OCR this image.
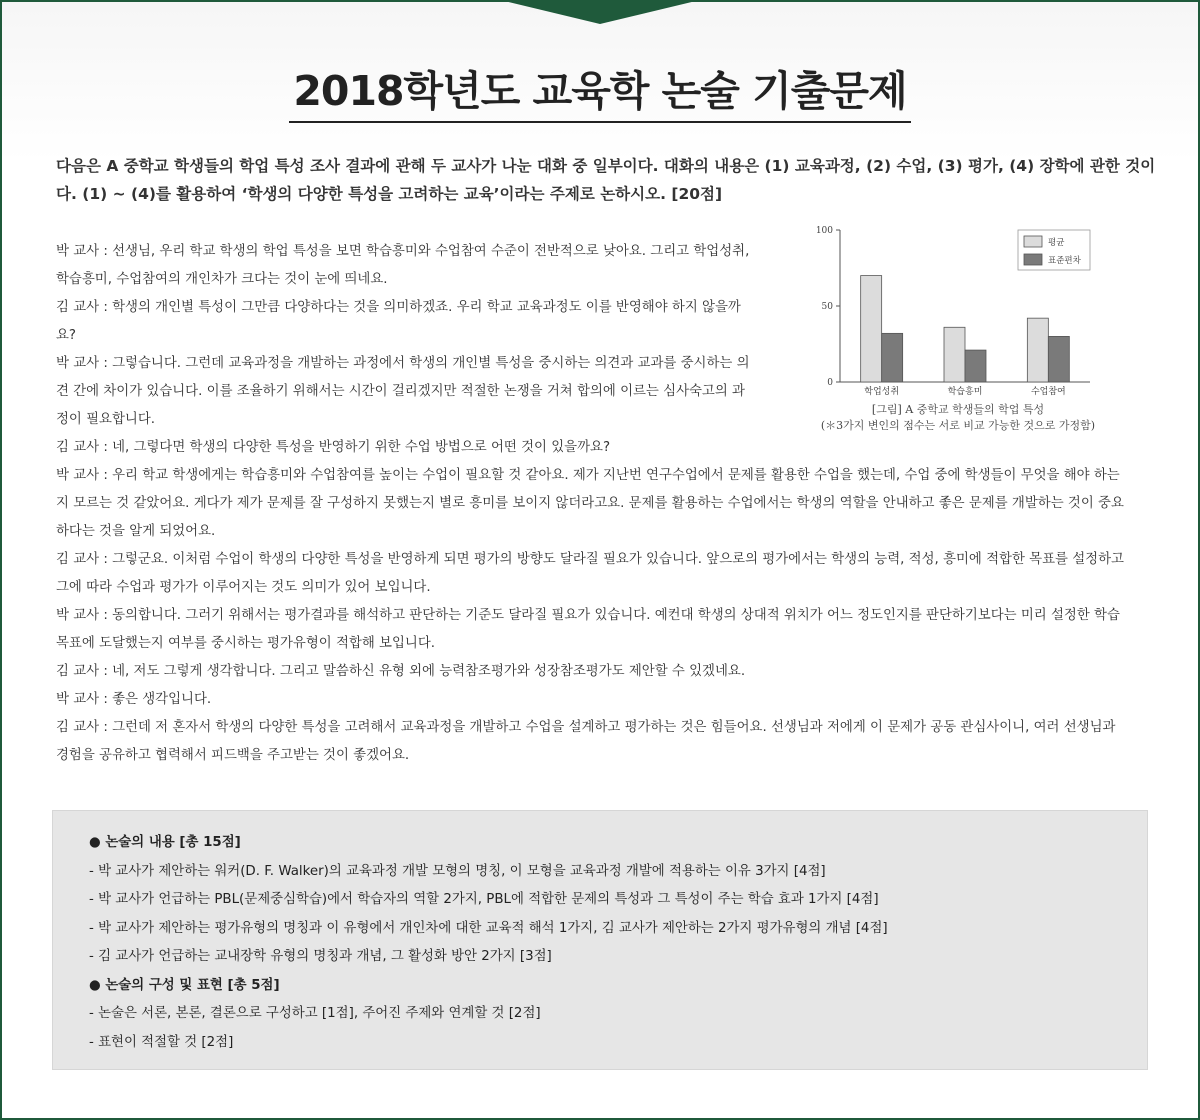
2018학년도 교육학 논술 기출문제
다음은 A 중학교 학생들의 학업 특성 조사 결과에 관해 두 교사가 나눈 대화 중 일부이다. 대화의 내용은 (1) 교육과정, (2) 수업, (3) 평가, (4) 장학에 관한 것이다. (1) ~ (4)를 활용하여 ‘학생의 다양한 특성을 고려하는 교육’이라는 주제로 논하시오. [20점]

박 교사 : 선생님, 우리 학교 학생의 학업 특성을 보면 학습흥미와 수업참여 수준이 전반적으로 낮아요. 그리고 학업성취, 학습흥미, 수업참여의 개인차가 크다는 것이 눈에 띄네요.

김 교사 : 학생의 개인별 특성이 그만큼 다양하다는 것을 의미하겠죠. 우리 학교 교육과정도 이를 반영해야 하지 않을까요?

박 교사 : 그렇습니다. 그런데 교육과정을 개발하는 과정에서 학생의 개인별 특성을 중시하는 의견과 교과를 중시하는 의견 간에 차이가 있습니다. 이를 조율하기 위해서는 시간이 걸리겠지만 적절한 논쟁을 거쳐 합의에 이르는 심사숙고의 과정이 필요합니다.

김 교사 : 네, 그렇다면 학생의 다양한 특성을 반영하기 위한 수업 방법으로 어떤 것이 있을까요?

박 교사 : 우리 학교 학생에게는 학습흥미와 수업참여를 높이는 수업이 필요할 것 같아요. 제가 지난번 연구수업에서 문제를 활용한 수업을 했는데, 수업 중에 학생들이 무엇을 해야 하는지 모르는 것 같았어요. 게다가 제가 문제를 잘 구성하지 못했는지 별로 흥미를 보이지 않더라고요. 문제를 활용하는 수업에서는 학생의 역할을 안내하고 좋은 문제를 개발하는 것이 중요하다는 것을 알게 되었어요.

김 교사 : 그렇군요. 이처럼 수업이 학생의 다양한 특성을 반영하게 되면 평가의 방향도 달라질 필요가 있습니다. 앞으로의 평가에서는 학생의 능력, 적성, 흥미에 적합한 목표를 설정하고 그에 따라 수업과 평가가 이루어지는 것도 의미가 있어 보입니다.

박 교사 : 동의합니다. 그러기 위해서는 평가결과를 해석하고 판단하는 기준도 달라질 필요가 있습니다. 예컨대 학생의 상대적 위치가 어느 정도인지를 판단하기보다는 미리 설정한 학습목표에 도달했는지 여부를 중시하는 평가유형이 적합해 보입니다.

김 교사 : 네, 저도 그렇게 생각합니다. 그리고 말씀하신 유형 외에 능력참조평가와 성장참조평가도 제안할 수 있겠네요.

박 교사 : 좋은 생각입니다.

김 교사 : 그런데 저 혼자서 학생의 다양한 특성을 고려해서 교육과정을 개발하고 수업을 설계하고 평가하는 것은 힘들어요. 선생님과 저에게 이 문제가 공동 관심사이니, 여러 선생님과 경험을 공유하고 협력해서 피드백을 주고받는 것이 좋겠어요.

0
50
100
학업성취	학습흥미	수업참여
평균
표준편차
[그림] A 중학교 학생들의 학업 특성
(＊3가지 변인의 점수는 서로 비교 가능한 것으로 가정함)
● 논술의 내용 [총 15점]
- 박 교사가 제안하는 워커(D. F. Walker)의 교육과정 개발 모형의 명칭, 이 모형을 교육과정 개발에 적용하는 이유 3가지 [4점]
- 박 교사가 언급하는 PBL(문제중심학습)에서 학습자의 역할 2가지, PBL에 적합한 문제의 특성과 그 특성이 주는 학습 효과 1가지 [4점]
- 박 교사가 제안하는 평가유형의 명칭과 이 유형에서 개인차에 대한 교육적 해석 1가지, 김 교사가 제안하는 2가지 평가유형의 개념 [4점]
- 김 교사가 언급하는 교내장학 유형의 명칭과 개념, 그 활성화 방안 2가지 [3점]
● 논술의 구성 및 표현 [총 5점]
- 논술은 서론, 본론, 결론으로 구성하고 [1점], 주어진 주제와 연계할 것 [2점]
- 표현이 적절할 것 [2점]
